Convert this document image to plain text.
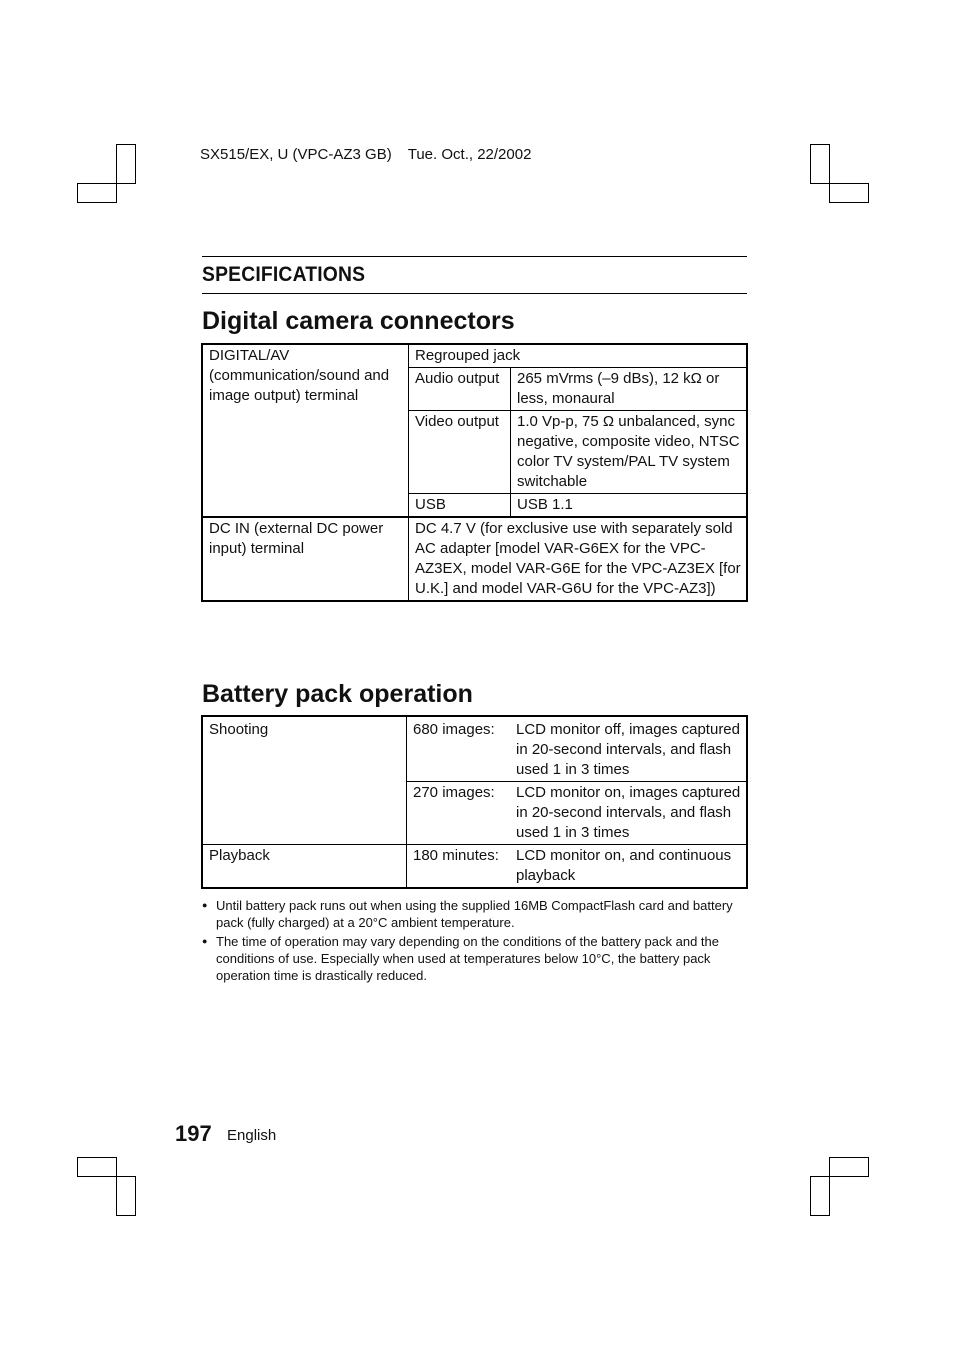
SX515/EX, U (VPC-AZ3 GB) Tue. Oct., 22/2002
SPECIFICATIONS
Digital camera connectors
DIGITAL/AV (communication/sound and image output) terminal	Regrouped jack	
	Audio output	265 mVrms (–9 dBs), 12 kΩ or less, monaural
	Video output	1.0 Vp-p, 75 Ω unbalanced, sync negative, composite video, NTSC color TV system/PAL TV system switchable
	USB	USB 1.1
DC IN (external DC power input) terminal	DC 4.7 V (for exclusive use with separately sold AC adapter [model VAR-G6EX for the VPC-AZ3EX, model VAR-G6E for the VPC-AZ3EX [for U.K.] and model VAR-G6U for the VPC-AZ3])	
Battery pack operation
Shooting	680 images: LCD monitor off, images captured in 20-second intervals, and flash used 1 in 3 times

	270 images: LCD monitor on, images captured in 20-second intervals, and flash used 1 in 3 times

Playback	180 minutes: LCD monitor on, and continuous playback
● Until battery pack runs out when using the supplied 16MB CompactFlash card and battery pack (fully charged) at a 20°C ambient temperature.
● The time of operation may vary depending on the conditions of the battery pack and the conditions of use. Especially when used at temperatures below 10°C, the battery pack operation time is drastically reduced.
197 English
